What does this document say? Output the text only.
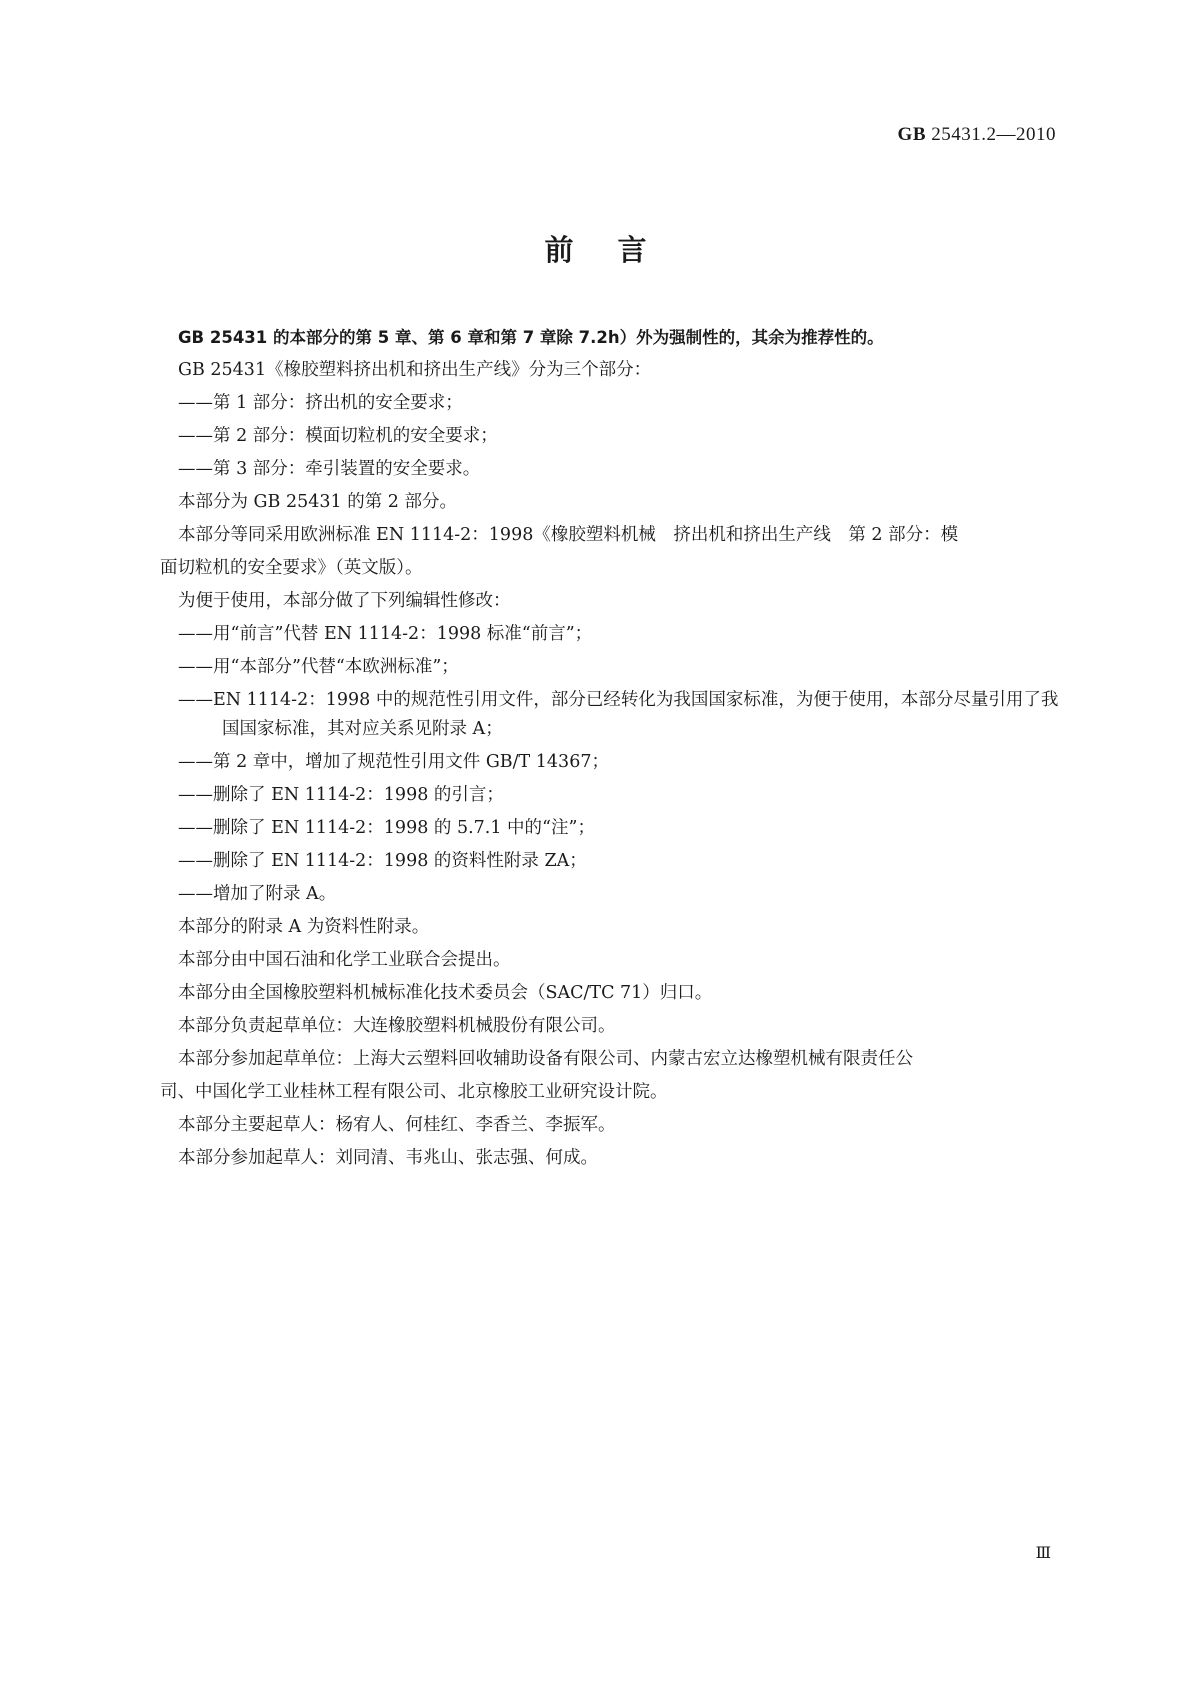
GB 25431.2—2010
前言
GB 25431 的本部分的第 5 章、第 6 章和第 7 章除 7.2h）外为强制性的，其余为推荐性的。
GB 25431《橡胶塑料挤出机和挤出生产线》分为三个部分：
——第 1 部分：挤出机的安全要求；
——第 2 部分：模面切粒机的安全要求；
——第 3 部分：牵引装置的安全要求。
本部分为 GB 25431 的第 2 部分。
本部分等同采用欧洲标准 EN 1114-2：1998《橡胶塑料机械　挤出机和挤出生产线　第 2 部分：模
面切粒机的安全要求》（英文版）。
为便于使用，本部分做了下列编辑性修改：
——用“前言”代替 EN 1114-2：1998 标准“前言”；
——用“本部分”代替“本欧洲标准”；
——EN 1114-2：1998 中的规范性引用文件，部分已经转化为我国国家标准，为便于使用，本部分尽量引用了我国国家标准，其对应关系见附录 A；
——第 2 章中，增加了规范性引用文件 GB/T 14367；
——删除了 EN 1114-2：1998 的引言；
——删除了 EN 1114-2：1998 的 5.7.1 中的“注”；
——删除了 EN 1114-2：1998 的资料性附录 ZA；
——增加了附录 A。
本部分的附录 A 为资料性附录。
本部分由中国石油和化学工业联合会提出。
本部分由全国橡胶塑料机械标准化技术委员会（SAC/TC 71）归口。
本部分负责起草单位：大连橡胶塑料机械股份有限公司。
本部分参加起草单位：上海大云塑料回收辅助设备有限公司、内蒙古宏立达橡塑机械有限责任公
司、中国化学工业桂林工程有限公司、北京橡胶工业研究设计院。
本部分主要起草人：杨宥人、何桂红、李香兰、李振军。
本部分参加起草人：刘同清、韦兆山、张志强、何成。
Ⅲ
